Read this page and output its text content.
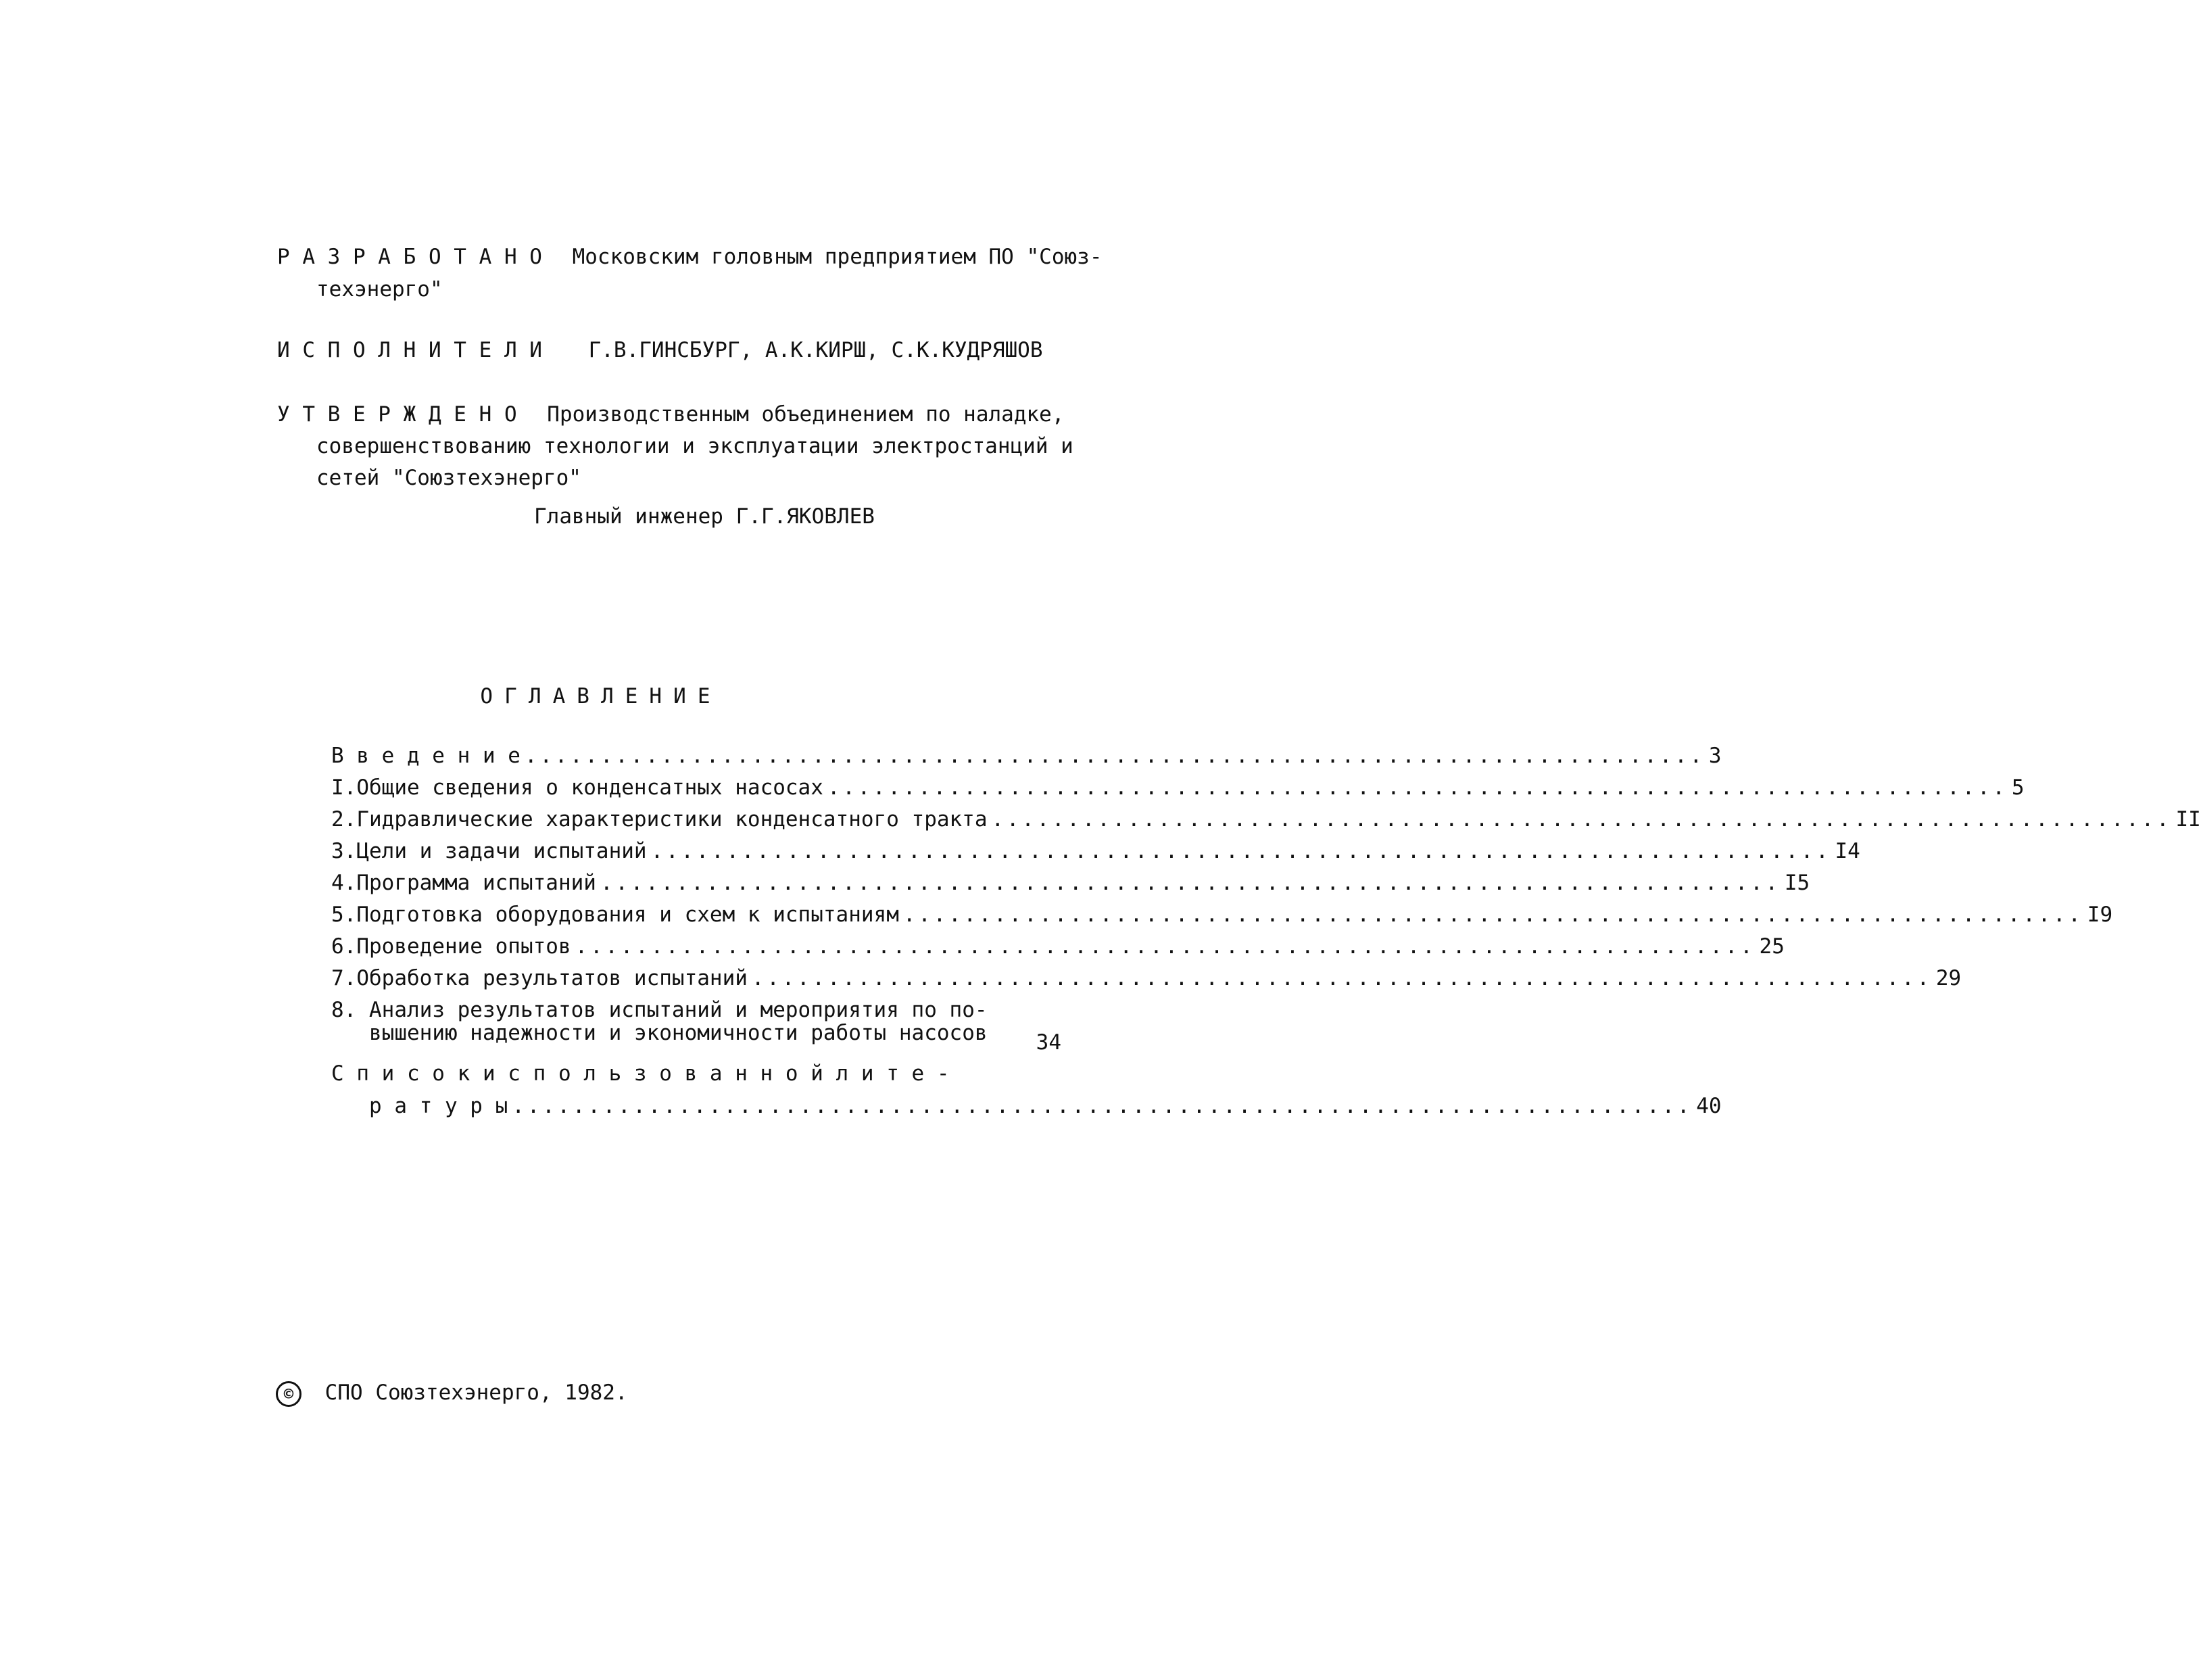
Р А З Р А Б О Т А Н О Московским головным предприятием ПО "Союз-
техэнерго"
И С П О Л Н И Т Е Л И Г.В.ГИНСБУРГ, А.К.КИРШ, С.К.КУДРЯШОВ
У Т В Е Р Ж Д Е Н О Производственным объединением по наладке,
совершенствованию технологии и эксплуатации электростанций и
сетей "Союзтехэнерго"
Главный инженер Г.Г.ЯКОВЛЕВ
ОГЛАВЛЕНИЕ
В в е д е н и е .............................................................................. 3
I. Общие сведения о конденсатных насосах .............................................................................. 5
2. Гидравлические характеристики конденсатного тракта .............................................................................. II
3. Цели и задачи испытаний .............................................................................. I4
4. Программа испытаний .............................................................................. I5
5. Подготовка оборудования и схем к испытаниям .............................................................................. I9
6. Проведение опытов .............................................................................. 25
7. Обработка результатов испытаний .............................................................................. 29
8. Анализ результатов испытаний и мероприятия по по-
вышению надежности и экономичности работы насосов	34
С п и с о к и с п о л ь з о в а н н о й л и т е -
р а т у р ы .............................................................................. 40
© СПО Союзтехэнерго, 1982.
